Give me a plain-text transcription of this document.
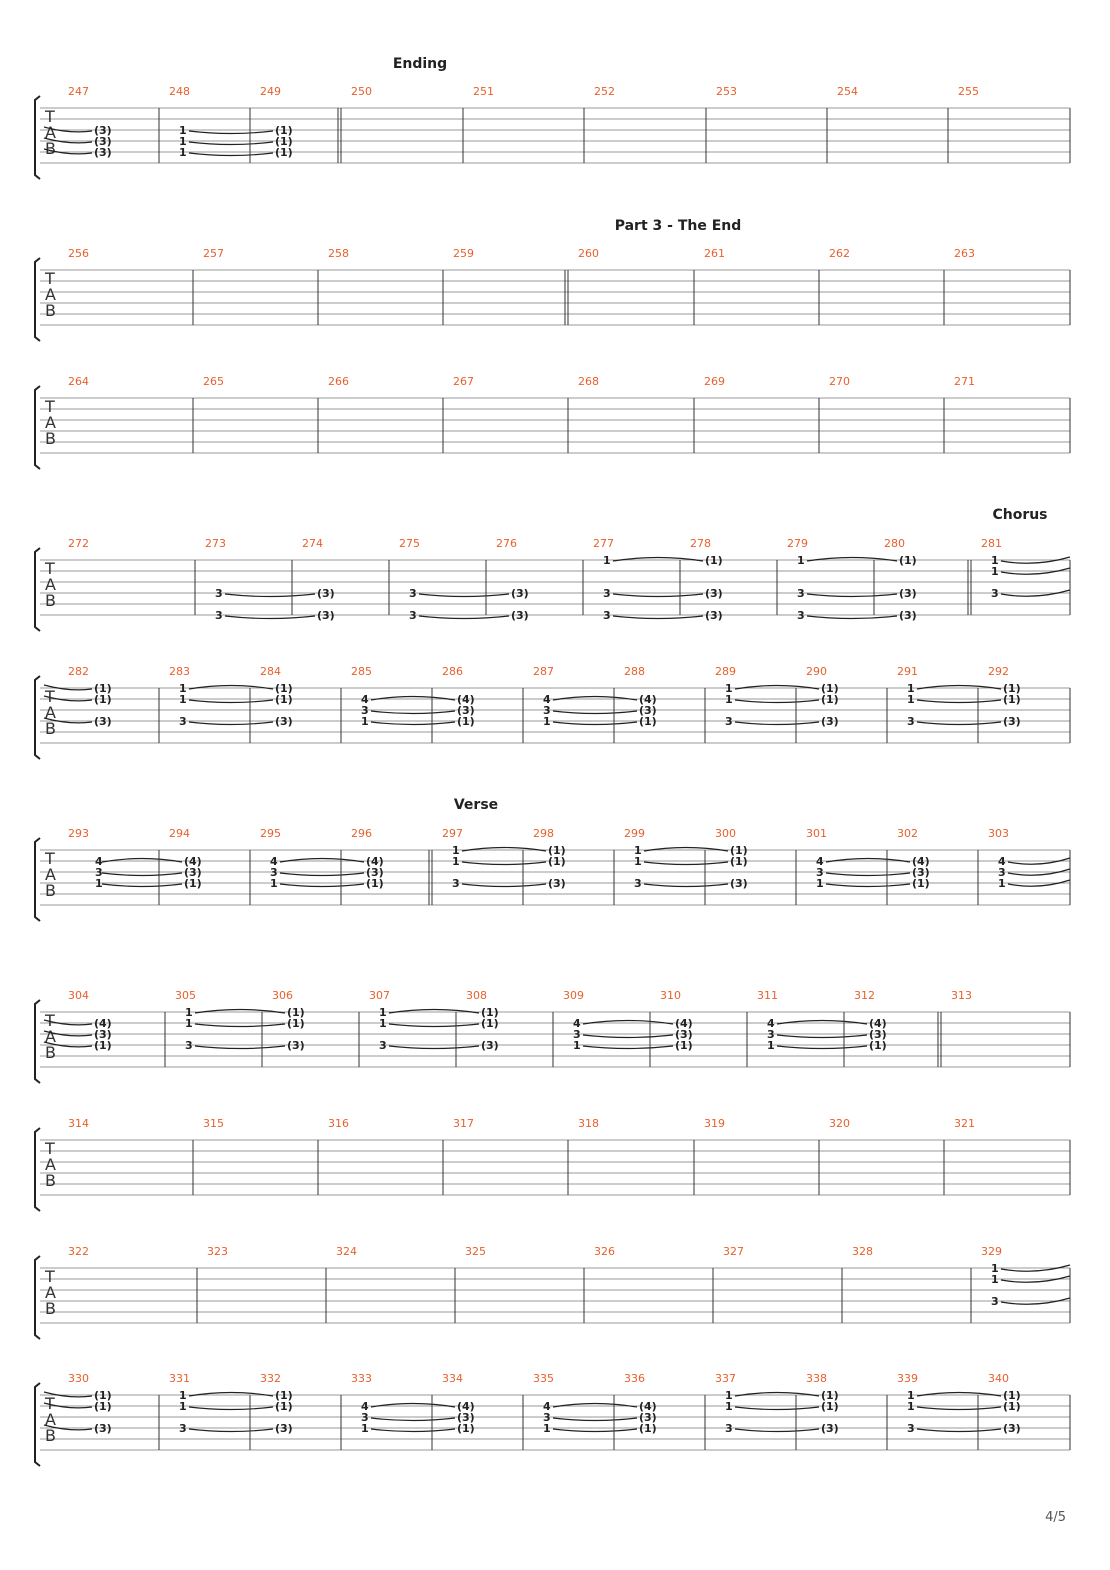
T
A
B
Ending
247
(3)
(3)
(3)
248
1
1
1
249
(1)
(1)
(1)
250	251	252	253	254	255
T
A
B
Part 3 - The End
256	257	258	259	260	261	262	263
T
A
B
264	265	266	267	268	269	270	271
T
A
B
Chorus
272	273
3
3
274
(3)
(3)
275
3
3
276
(3)
(3)
277
1
3
3
278
(1)
(3)
(3)
279
1
3
3
280
(1)
(3)
(3)
281
1
1
3
T
A
B
282
(1)
(1)
(3)
283
1
1
3
284
(1)
(1)
(3)
285
4
3
1
286
(4)
(3)
(1)
287
4
3
1
288
(4)
(3)
(1)
289
1
1
3
290
(1)
(1)
(3)
291
1
1
3
292
(1)
(1)
(3)
T
A
B
Verse
293
4
3
1
294
(4)
(3)
(1)
295
4
3
1
296
(4)
(3)
(1)
297
1
1
3
298
(1)
(1)
(3)
299
1
1
3
300
(1)
(1)
(3)
301
4
3
1
302
(4)
(3)
(1)
303
4
3
1
T
A
B
304
(4)
(3)
(1)
305
1
1
3
306
(1)
(1)
(3)
307
1
1
3
308
(1)
(1)
(3)
309
4
3
1
310
(4)
(3)
(1)
311
4
3
1
312
(4)
(3)
(1)
313
T
A
B
314	315	316	317	318	319	320	321
T
A
B
322	323	324	325	326	327	328	329
1
1
3
T
A
B
330
(1)
(1)
(3)
331
1
1
3
332
(1)
(1)
(3)
333
4
3
1
334
(4)
(3)
(1)
335
4
3
1
336
(4)
(3)
(1)
337
1
1
3
338
(1)
(1)
(3)
339
1
1
3
340
(1)
(1)
(3)
4/5
